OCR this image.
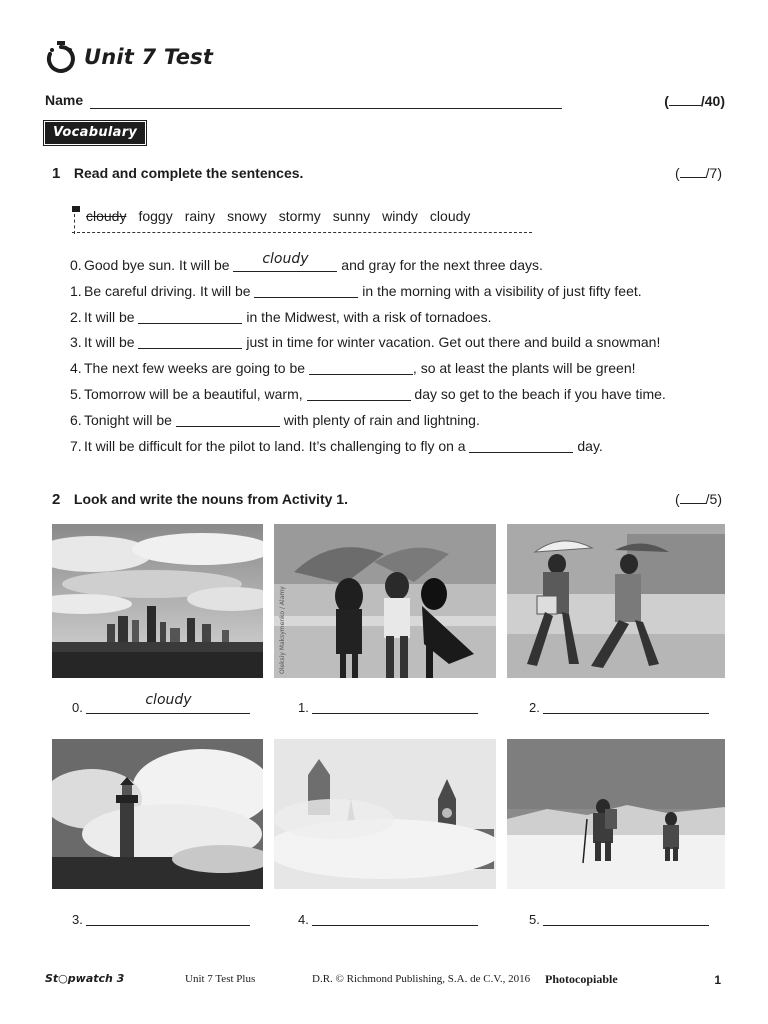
Unit 7 Test
Name	( /40)
Vocabulary
1 Read and complete the sentences.	( /7)
cloudy foggy rainy snowy stormy sunny windy cloudy
0. Good bye sun. It will be	cloudy	and gray for the next three days.
1. Be careful driving. It will be	in the morning with a visibility of just fifty feet.
2. It will be	in the Midwest, with a risk of tornadoes.
3. It will be	just in time for winter vacation. Get out there and build a snowman!
4. The next few weeks are going to be	, so at least the plants will be green!
5. Tomorrow will be a beautiful, warm,	day so get to the beach if you have time.
6. Tonight will be	with plenty of rain and lightning.
7. It will be difficult for the pilot to land. It’s challenging to fly on a	day.
2 Look and write the nouns from Activity 1.	( /5)
Oleksiy Maksymenko / Alamy
0.	cloudy	1.	2.
3.	4.	5.
St○pwatch 3	Unit 7 Test Plus	D.R. © Richmond Publishing, S.A. de C.V., 2016 Photocopiable	1
